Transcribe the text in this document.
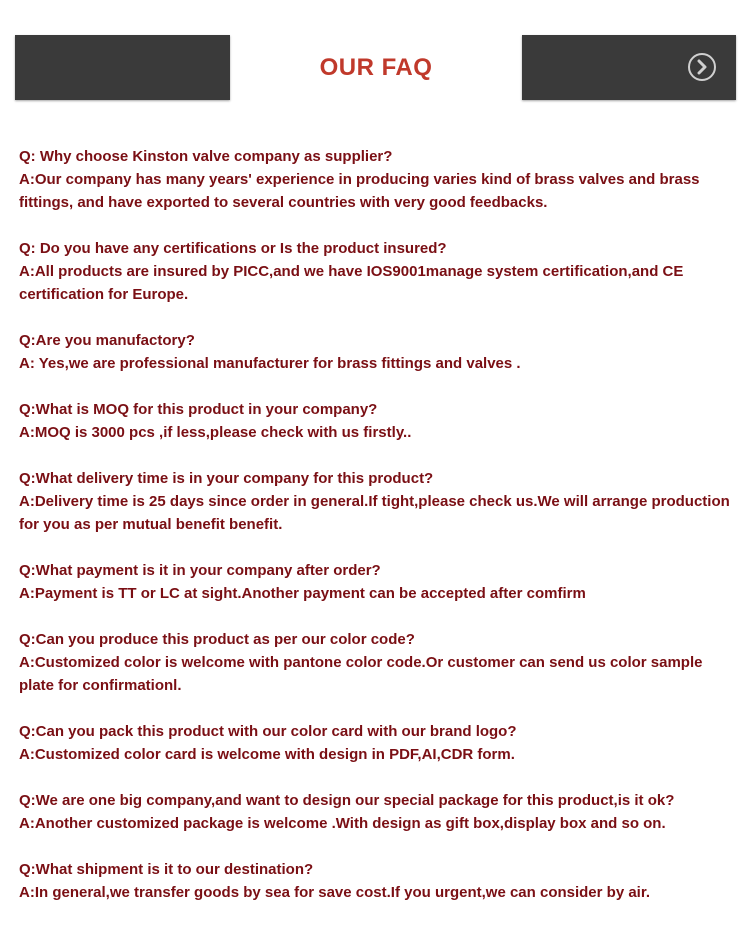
OUR FAQ

Q: Why choose Kinston valve company as supplier?

A:Our company has many years' experience in producing varies kind of brass valves and brass fittings, and have exported to several countries with very good feedbacks.

Q: Do you have any certifications or Is the product insured?

A:All products are insured by PICC,and we have IOS9001manage system certification,and CE certification for Europe.

Q:Are you manufactory?

A: Yes,we are professional manufacturer for brass fittings and valves .

Q:What is MOQ for this product in your company?

A:MOQ is 3000 pcs ,if less,please check with us firstly..

Q:What delivery time is in your company for this product?

A:Delivery time is 25 days since order in general.If tight,please check us.We will arrange production for you as per mutual benefit benefit.

Q:What payment is it in your company after order?

A:Payment is TT or LC at sight.Another payment can be accepted after comfirm

Q:Can you produce this product as per our color code?

A:Customized color is welcome with pantone color code.Or customer can send us color sample plate for confirmationl.

Q:Can you pack this product with our color card with our brand logo?

A:Customized color card is welcome with design in PDF,AI,CDR form.

Q:We are one big company,and want to design our special package for this product,is it ok?

A:Another customized package is welcome .With design as gift box,display box and so on.

Q:What shipment is it to our destination?

A:In general,we transfer goods by sea for save cost.If you urgent,we can consider by air.
